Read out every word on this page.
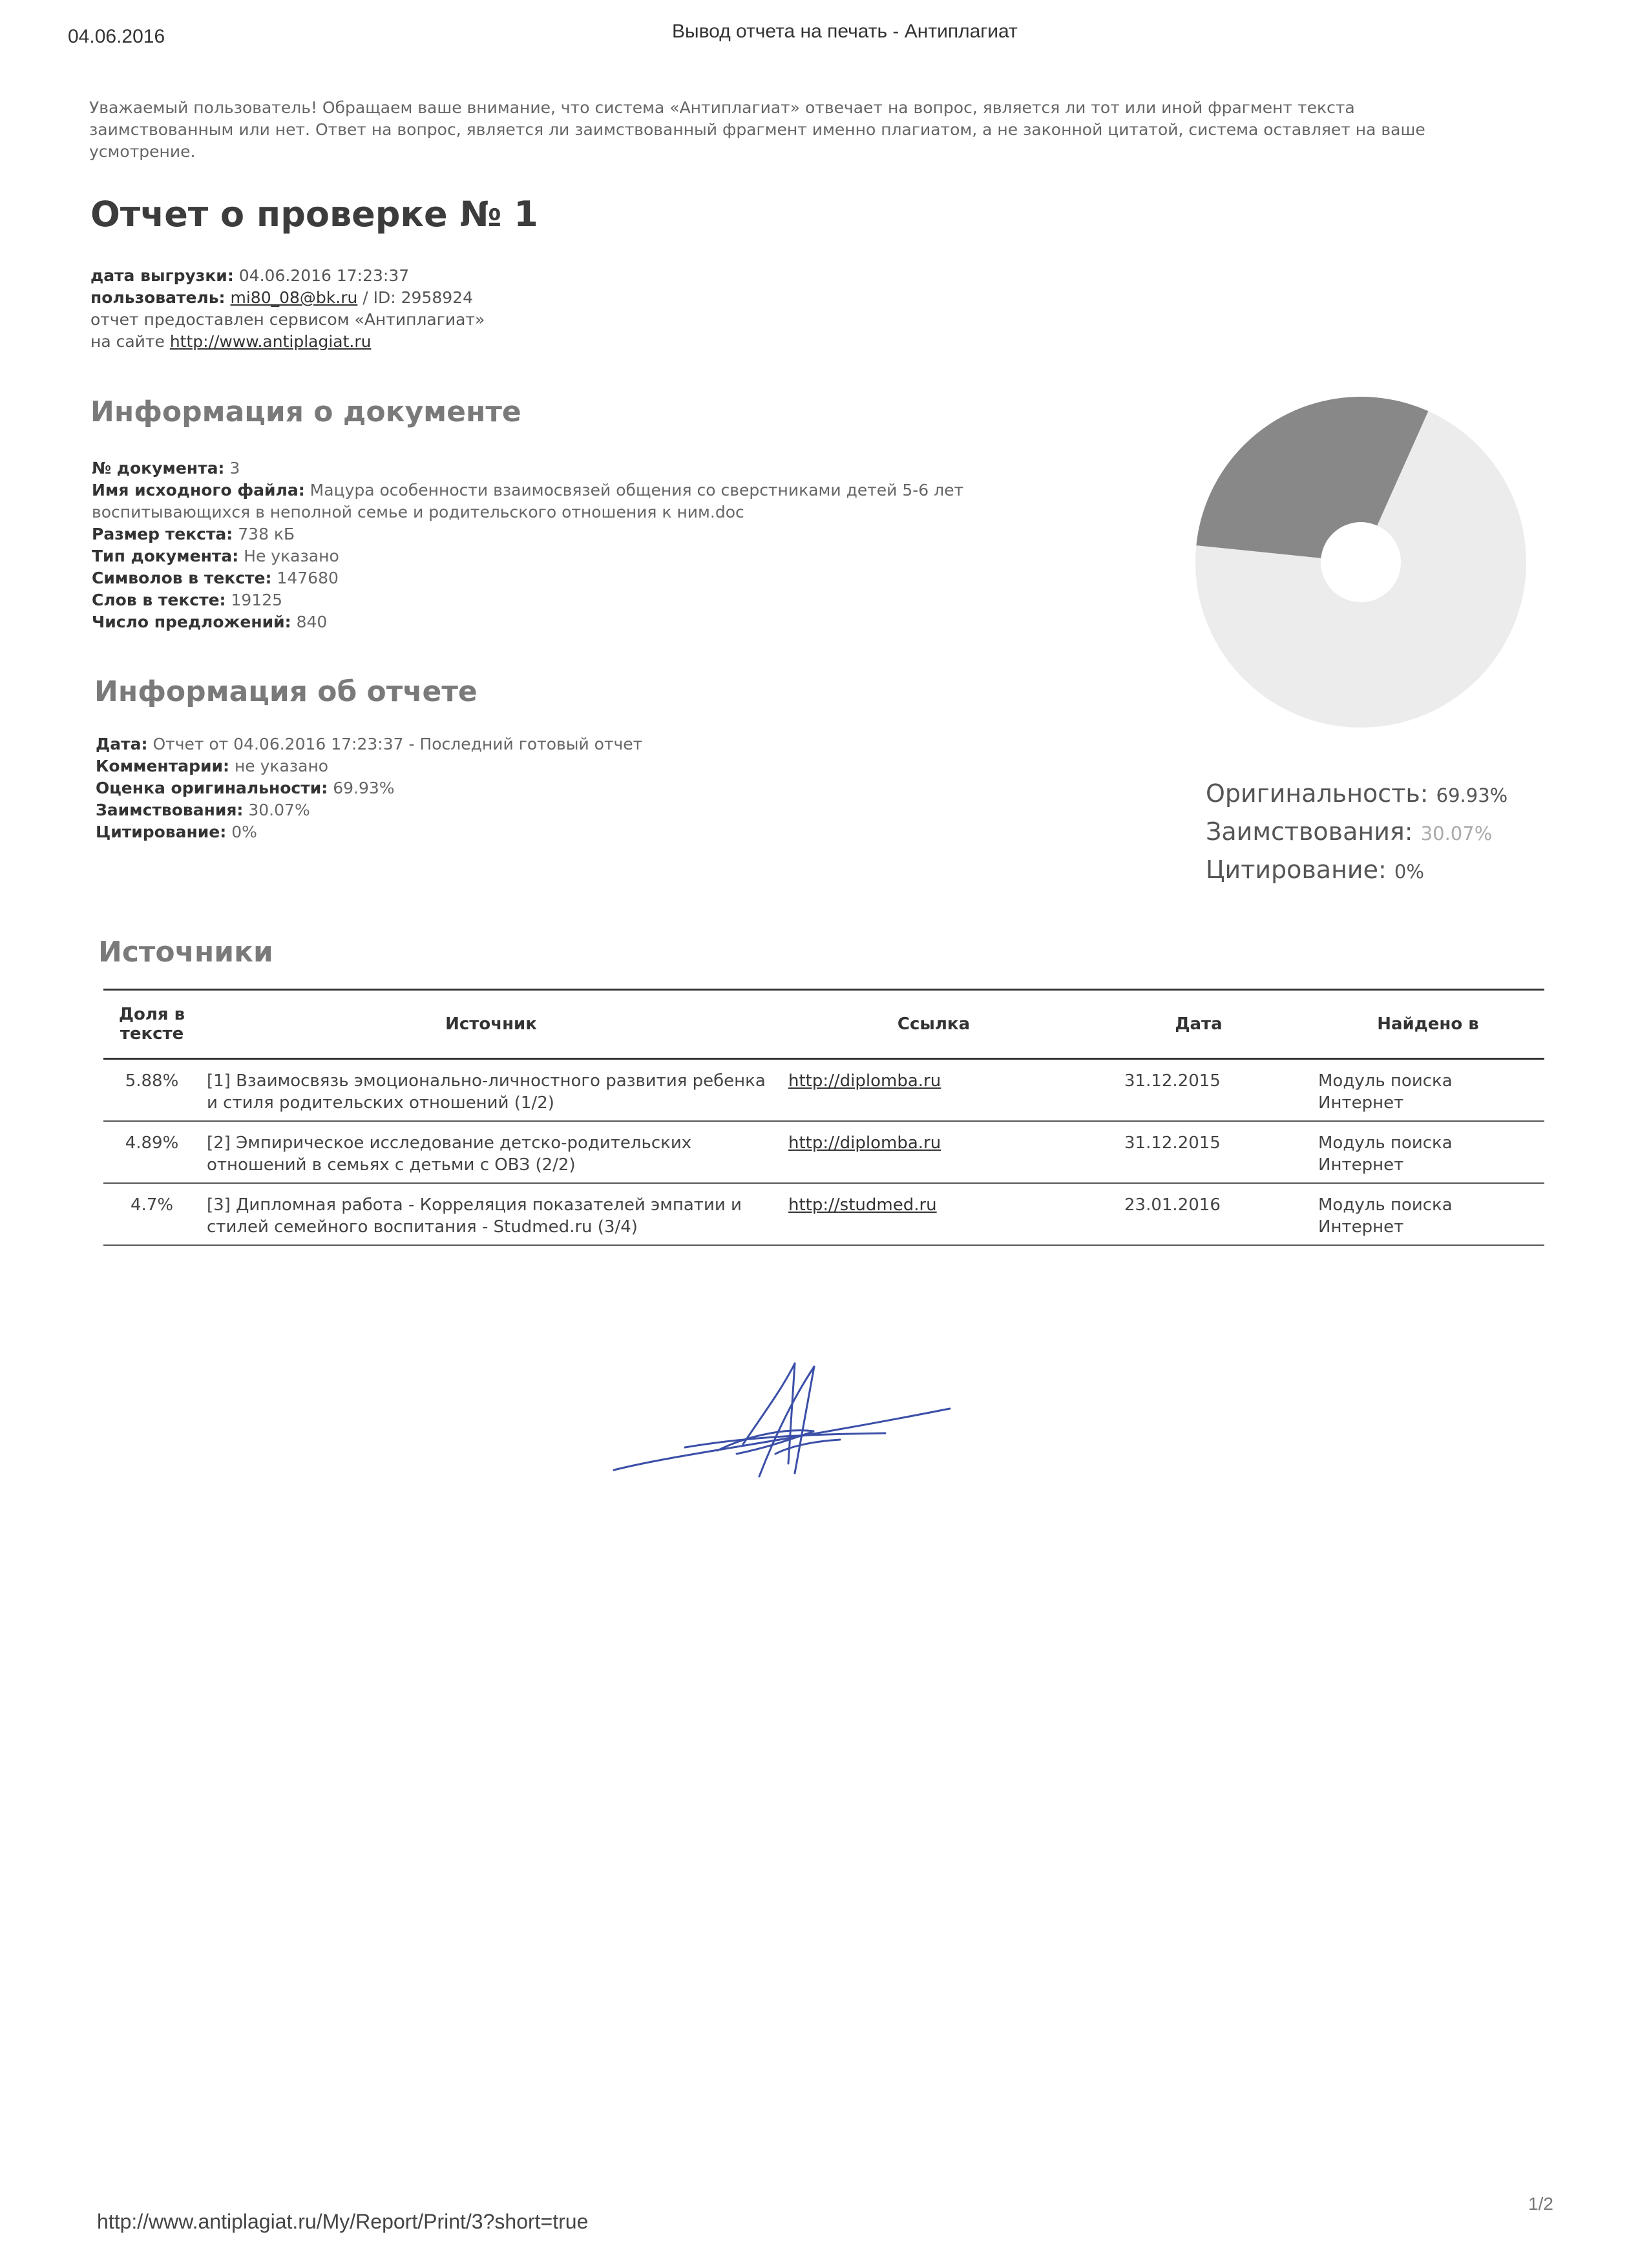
04.06.2016	Вывод отчета на печать - Антиплагиат
Уважаемый пользователь! Обращаем ваше внимание, что система «Антиплагиат» отвечает на вопрос, является ли тот или иной фрагмент текста заимствованным или нет. Ответ на вопрос, является ли заимствованный фрагмент именно плагиатом, а не законной цитатой, система оставляет на ваше усмотрение.
Отчет о проверке № 1
дата выгрузки: 04.06.2016 17:23:37
пользователь: mi80_08@bk.ru / ID: 2958924
отчет предоставлен сервисом «Антиплагиат»
на сайте http://www.antiplagiat.ru
Информация о документе
№ документа: 3
Имя исходного файла: Мацура особенности взаимосвязей общения со сверстниками детей 5-6 лет воспитывающихся в неполной семье и родительского отношения к ним.doc
Размер текста: 738 кБ
Тип документа: Не указано
Символов в тексте: 147680
Слов в тексте: 19125
Число предложений: 840
Информация об отчете
Дата: Отчет от 04.06.2016 17:23:37 - Последний готовый отчет
Комментарии: не указано
Оценка оригинальности: 69.93%
Заимствования: 30.07%
Цитирование: 0%
Оригинальность: 69.93%
Заимствования: 30.07%
Цитирование: 0%
Источники
Доля в тексте	Источник	Ссылка	Дата	Найдено в
5.88%	[1] Взаимосвязь эмоционально-личностного развития ребенка и стиля родительских отношений (1/2)	http://diplomba.ru	31.12.2015	Модуль поиска Интернет
4.89%	[2] Эмпирическое исследование детско-родительских отношений в семьях с детьми с ОВЗ (2/2)	http://diplomba.ru	31.12.2015	Модуль поиска Интернет
4.7%	[3] Дипломная работа - Корреляция показателей эмпатии и стилей семейного воспитания - Studmed.ru (3/4)	http://studmed.ru	23.01.2016	Модуль поиска Интернет
http://www.antiplagiat.ru/My/Report/Print/3?short=true
1/2
